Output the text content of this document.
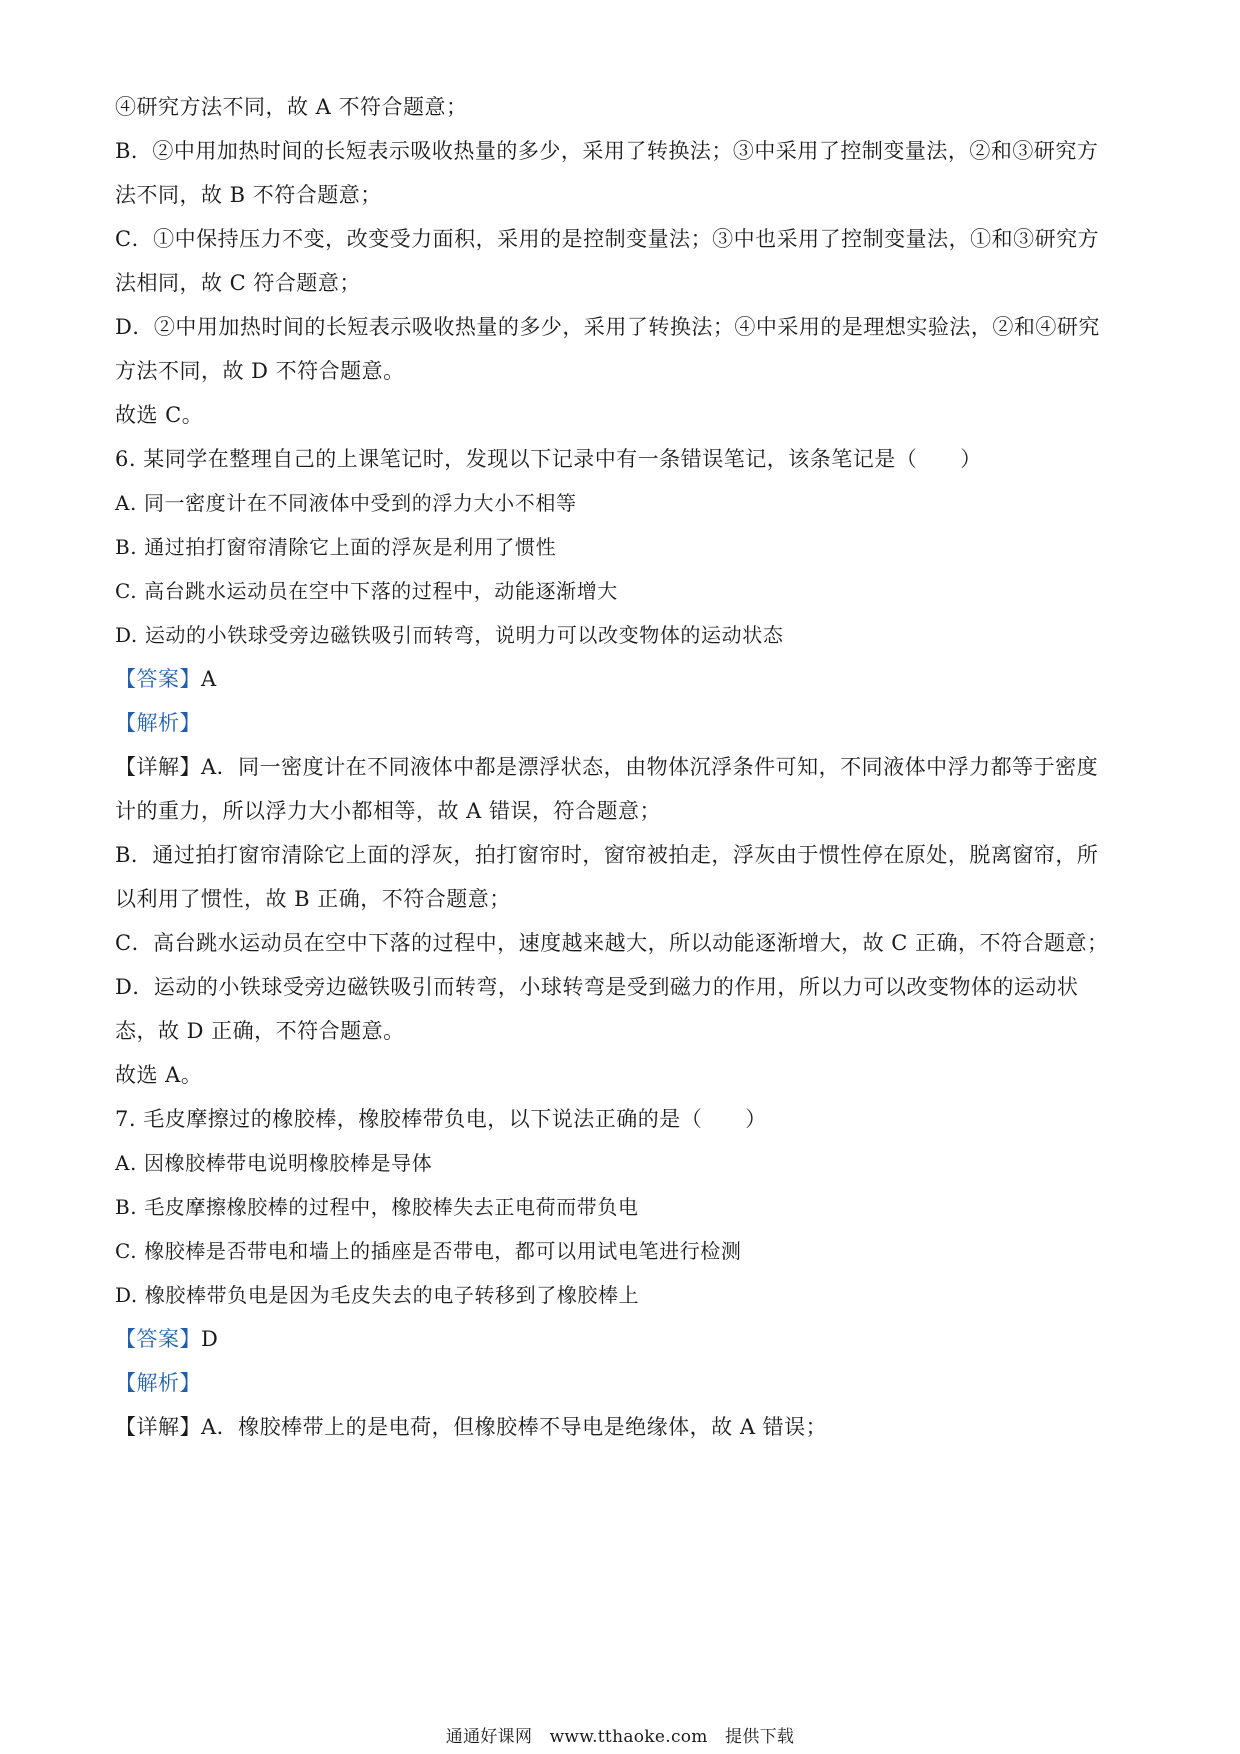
④研究方法不同，故 A 不符合题意；
B．②中用加热时间的长短表示吸收热量的多少，采用了转换法；③中采用了控制变量法，②和③研究方
法不同，故 B 不符合题意；
C．①中保持压力不变，改变受力面积，采用的是控制变量法；③中也采用了控制变量法，①和③研究方
法相同，故 C 符合题意；
D．②中用加热时间的长短表示吸收热量的多少，采用了转换法；④中采用的是理想实验法，②和④研究
方法不同，故 D 不符合题意。
故选 C。
6. 某同学在整理自己的上课笔记时，发现以下记录中有一条错误笔记，该条笔记是（　　）
A. 同一密度计在不同液体中受到的浮力大小不相等
B. 通过拍打窗帘清除它上面的浮灰是利用了惯性
C. 高台跳水运动员在空中下落的过程中，动能逐渐增大
D. 运动的小铁球受旁边磁铁吸引而转弯，说明力可以改变物体的运动状态
【答案】A
【解析】
【详解】A．同一密度计在不同液体中都是漂浮状态，由物体沉浮条件可知，不同液体中浮力都等于密度
计的重力，所以浮力大小都相等，故 A 错误，符合题意；
B．通过拍打窗帘清除它上面的浮灰，拍打窗帘时，窗帘被拍走，浮灰由于惯性停在原处，脱离窗帘，所
以利用了惯性，故 B 正确，不符合题意；
C．高台跳水运动员在空中下落的过程中，速度越来越大，所以动能逐渐增大，故 C 正确，不符合题意；
D．运动的小铁球受旁边磁铁吸引而转弯，小球转弯是受到磁力的作用，所以力可以改变物体的运动状
态，故 D 正确，不符合题意。
故选 A。
7. 毛皮摩擦过的橡胶棒，橡胶棒带负电，以下说法正确的是（　　）
A. 因橡胶棒带电说明橡胶棒是导体
B. 毛皮摩擦橡胶棒的过程中，橡胶棒失去正电荷而带负电
C. 橡胶棒是否带电和墙上的插座是否带电，都可以用试电笔进行检测
D. 橡胶棒带负电是因为毛皮失去的电子转移到了橡胶棒上
【答案】D
【解析】
【详解】A．橡胶棒带上的是电荷，但橡胶棒不导电是绝缘体，故 A 错误；
通通好课网　www.tthaoke.com　提供下载
